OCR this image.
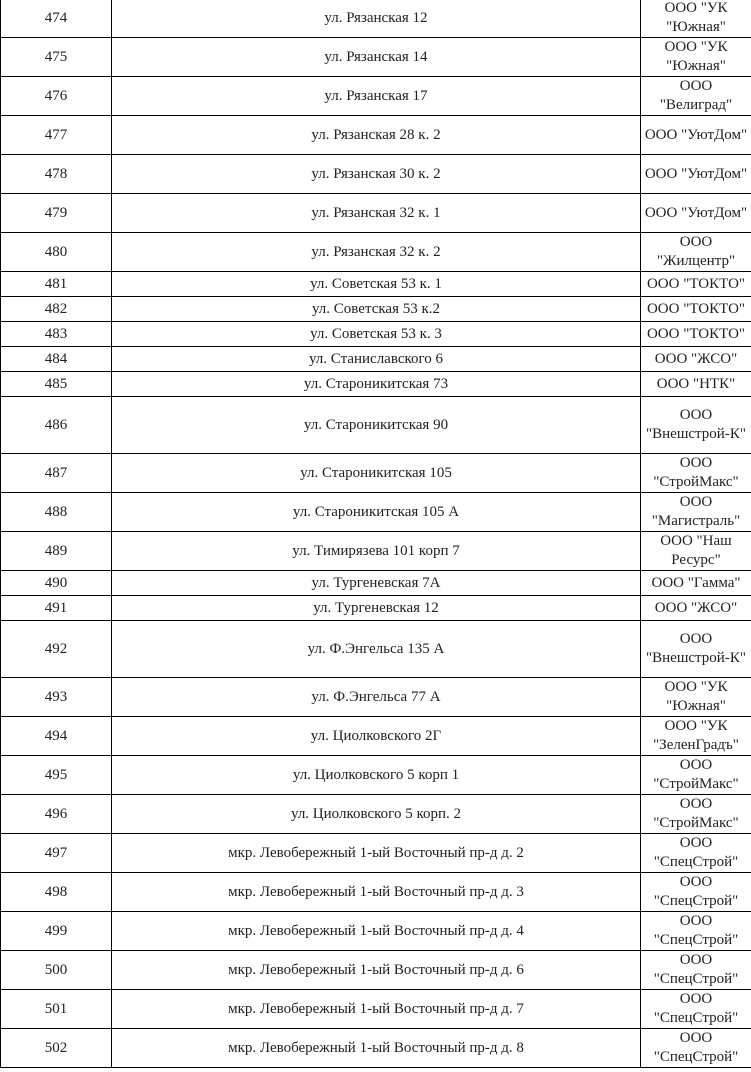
474	ул. Рязанская 12	ООО "УК "Южная"
475	ул. Рязанская 14	ООО "УК "Южная"
476	ул. Рязанская 17	ООО "Велиград"
477	ул. Рязанская 28 к. 2	ООО "УютДом"
478	ул. Рязанская 30 к. 2	ООО "УютДом"
479	ул. Рязанская 32 к. 1	ООО "УютДом"
480	ул. Рязанская 32 к. 2	ООО "Жилцентр"
481	ул. Советская 53 к. 1	ООО "ТОКТО"
482	ул. Советская 53 к.2	ООО "ТОКТО"
483	ул. Советская 53 к. 3	ООО "ТОКТО"
484	ул. Станиславского 6	ООО "ЖСО"
485	ул. Староникитская 73	ООО "НТК"
486	ул. Староникитская 90	ООО "Внешстрой-К"
487	ул. Староникитская 105	ООО "СтройМакс"
488	ул. Староникитская 105 А	ООО "Магистраль"
489	ул. Тимирязева 101 корп 7	ООО "Наш Ресурс"
490	ул. Тургеневская 7А	ООО "Гамма"
491	ул. Тургеневская 12	ООО "ЖСО"
492	ул. Ф.Энгельса 135 А	ООО "Внешстрой-К"
493	ул. Ф.Энгельса 77 А	ООО "УК "Южная"
494	ул. Циолковского 2Г	ООО "УК "ЗеленГрадъ"
495	ул. Циолковского 5 корп 1	ООО "СтройМакс"
496	ул. Циолковского 5 корп. 2	ООО "СтройМакс"
497	мкр. Левобережный 1-ый Восточный пр-д д. 2	ООО "СпецСтрой"
498	мкр. Левобережный 1-ый Восточный пр-д д. 3	ООО "СпецСтрой"
499	мкр. Левобережный 1-ый Восточный пр-д д. 4	ООО "СпецСтрой"
500	мкр. Левобережный 1-ый Восточный пр-д д. 6	ООО "СпецСтрой"
501	мкр. Левобережный 1-ый Восточный пр-д д. 7	ООО "СпецСтрой"
502	мкр. Левобережный 1-ый Восточный пр-д д. 8	ООО "СпецСтрой"
